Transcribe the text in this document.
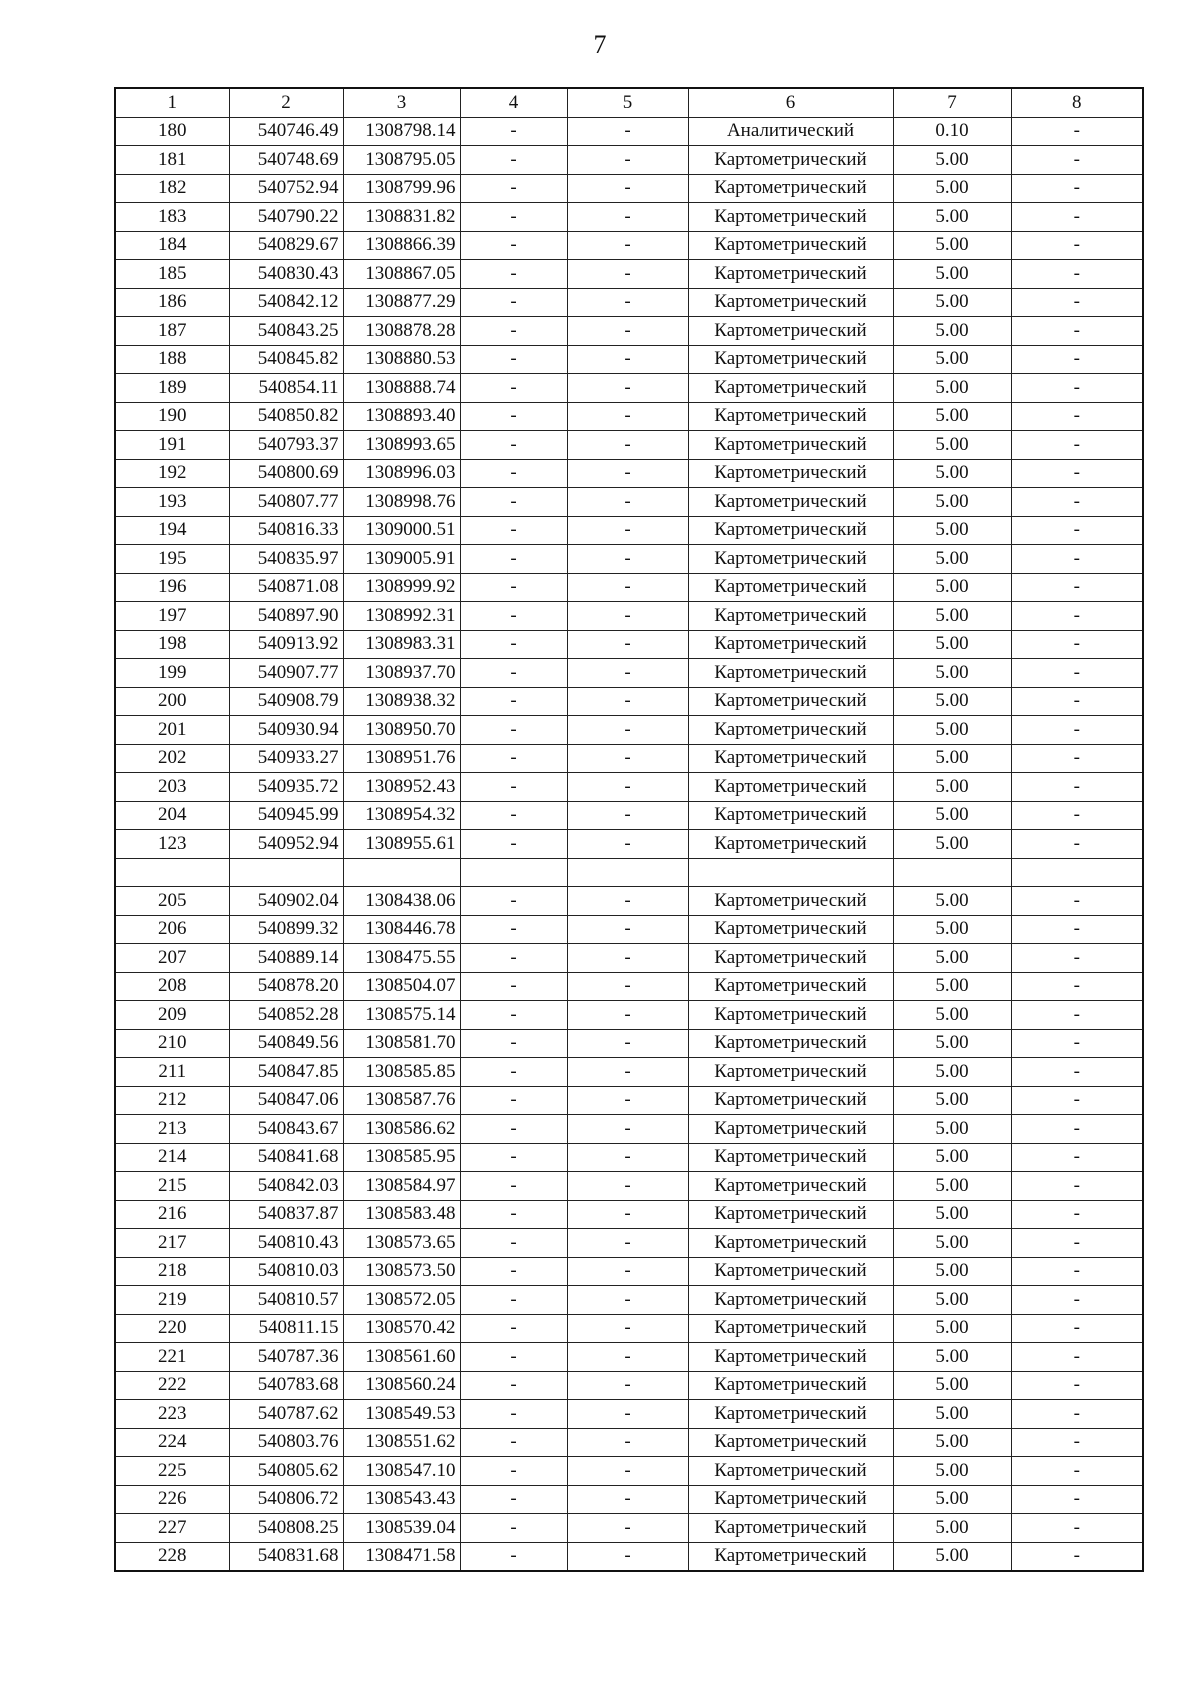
7
1	2	3	4	5	6	7	8
180	540746.49	1308798.14	-	-	Аналитический	0.10	-
181	540748.69	1308795.05	-	-	Картометрический	5.00	-
182	540752.94	1308799.96	-	-	Картометрический	5.00	-
183	540790.22	1308831.82	-	-	Картометрический	5.00	-
184	540829.67	1308866.39	-	-	Картометрический	5.00	-
185	540830.43	1308867.05	-	-	Картометрический	5.00	-
186	540842.12	1308877.29	-	-	Картометрический	5.00	-
187	540843.25	1308878.28	-	-	Картометрический	5.00	-
188	540845.82	1308880.53	-	-	Картометрический	5.00	-
189	540854.11	1308888.74	-	-	Картометрический	5.00	-
190	540850.82	1308893.40	-	-	Картометрический	5.00	-
191	540793.37	1308993.65	-	-	Картометрический	5.00	-
192	540800.69	1308996.03	-	-	Картометрический	5.00	-
193	540807.77	1308998.76	-	-	Картометрический	5.00	-
194	540816.33	1309000.51	-	-	Картометрический	5.00	-
195	540835.97	1309005.91	-	-	Картометрический	5.00	-
196	540871.08	1308999.92	-	-	Картометрический	5.00	-
197	540897.90	1308992.31	-	-	Картометрический	5.00	-
198	540913.92	1308983.31	-	-	Картометрический	5.00	-
199	540907.77	1308937.70	-	-	Картометрический	5.00	-
200	540908.79	1308938.32	-	-	Картометрический	5.00	-
201	540930.94	1308950.70	-	-	Картометрический	5.00	-
202	540933.27	1308951.76	-	-	Картометрический	5.00	-
203	540935.72	1308952.43	-	-	Картометрический	5.00	-
204	540945.99	1308954.32	-	-	Картометрический	5.00	-
123	540952.94	1308955.61	-	-	Картометрический	5.00	-

205	540902.04	1308438.06	-	-	Картометрический	5.00	-
206	540899.32	1308446.78	-	-	Картометрический	5.00	-
207	540889.14	1308475.55	-	-	Картометрический	5.00	-
208	540878.20	1308504.07	-	-	Картометрический	5.00	-
209	540852.28	1308575.14	-	-	Картометрический	5.00	-
210	540849.56	1308581.70	-	-	Картометрический	5.00	-
211	540847.85	1308585.85	-	-	Картометрический	5.00	-
212	540847.06	1308587.76	-	-	Картометрический	5.00	-
213	540843.67	1308586.62	-	-	Картометрический	5.00	-
214	540841.68	1308585.95	-	-	Картометрический	5.00	-
215	540842.03	1308584.97	-	-	Картометрический	5.00	-
216	540837.87	1308583.48	-	-	Картометрический	5.00	-
217	540810.43	1308573.65	-	-	Картометрический	5.00	-
218	540810.03	1308573.50	-	-	Картометрический	5.00	-
219	540810.57	1308572.05	-	-	Картометрический	5.00	-
220	540811.15	1308570.42	-	-	Картометрический	5.00	-
221	540787.36	1308561.60	-	-	Картометрический	5.00	-
222	540783.68	1308560.24	-	-	Картометрический	5.00	-
223	540787.62	1308549.53	-	-	Картометрический	5.00	-
224	540803.76	1308551.62	-	-	Картометрический	5.00	-
225	540805.62	1308547.10	-	-	Картометрический	5.00	-
226	540806.72	1308543.43	-	-	Картометрический	5.00	-
227	540808.25	1308539.04	-	-	Картометрический	5.00	-
228	540831.68	1308471.58	-	-	Картометрический	5.00	-
